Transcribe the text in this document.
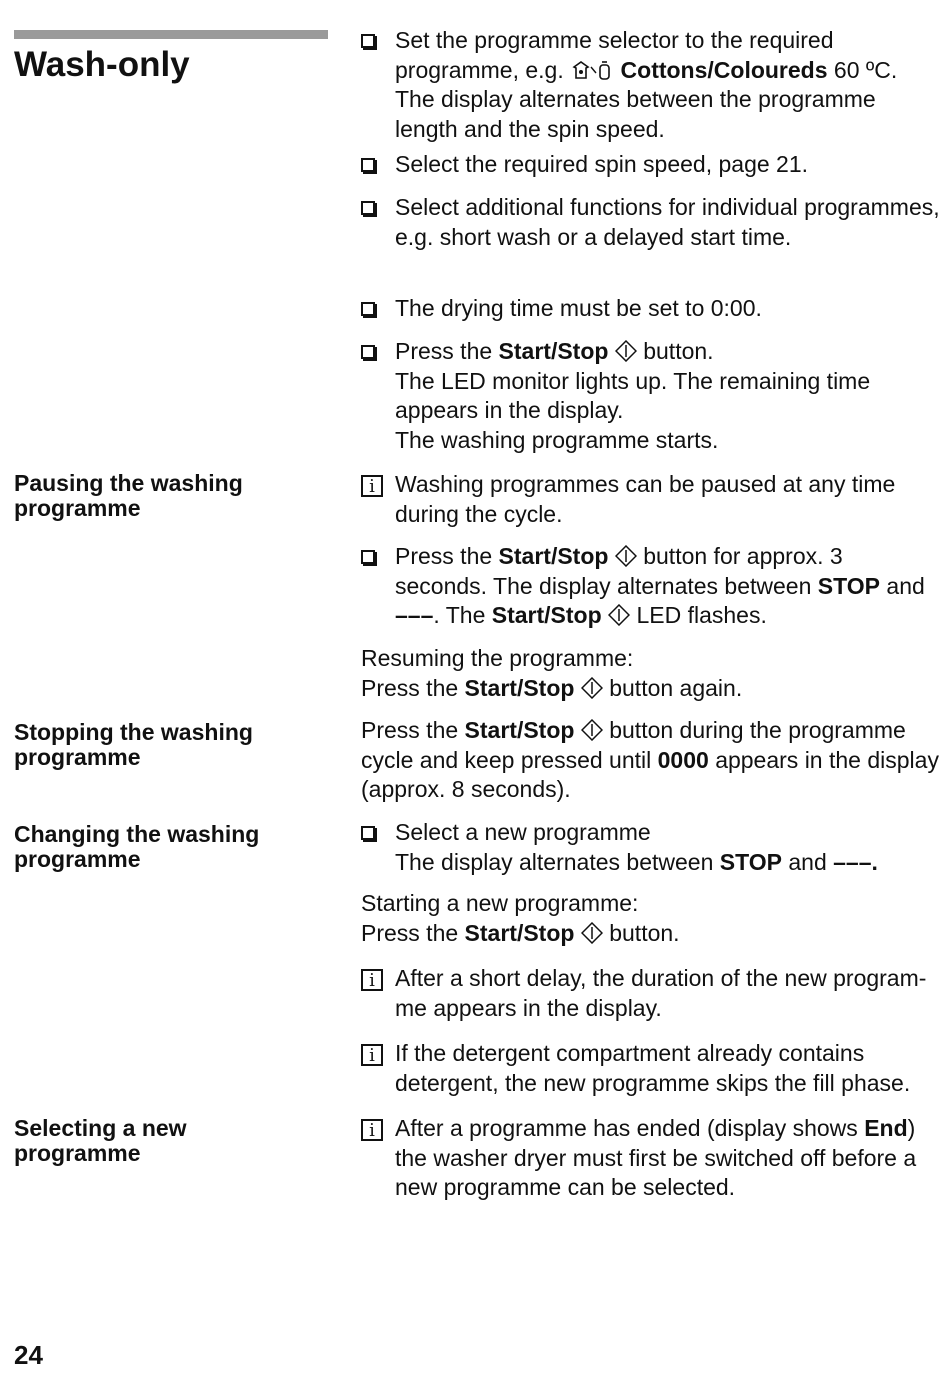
Wash-only
Set the programme selector to the required programme, e.g. Cottons/Coloureds 60 ºC.
The display alternates between the programme length and the spin speed.
Select the required spin speed, page 21.
Select additional functions for individual programmes, e.g. short wash or a delayed start time.
The drying time must be set to 0:00.
Press the Start/Stop button.
The LED monitor lights up. The remaining time appears in the display.
The washing programme starts.
Pausing the washing programme
i Washing programmes can be paused at any time during the cycle.
Press the Start/Stop button for approx. 3 seconds. The display alternates between STOP and –––. The Start/Stop LED flashes.
Resuming the programme:
Press the Start/Stop button again.
Stopping the washing programme
Press the Start/Stop button during the programme cycle and keep pressed until 0000 appears in the display (approx. 8 seconds).
Changing the washing programme
Select a new programme
The display alternates between STOP and –––.
Starting a new programme:
Press the Start/Stop button.
i After a short delay, the duration of the new program-me appears in the display.
i If the detergent compartment already contains detergent, the new programme skips the fill phase.
Selecting a new programme
i After a programme has ended (display shows End) the washer dryer must first be switched off before a new programme can be selected.

24
